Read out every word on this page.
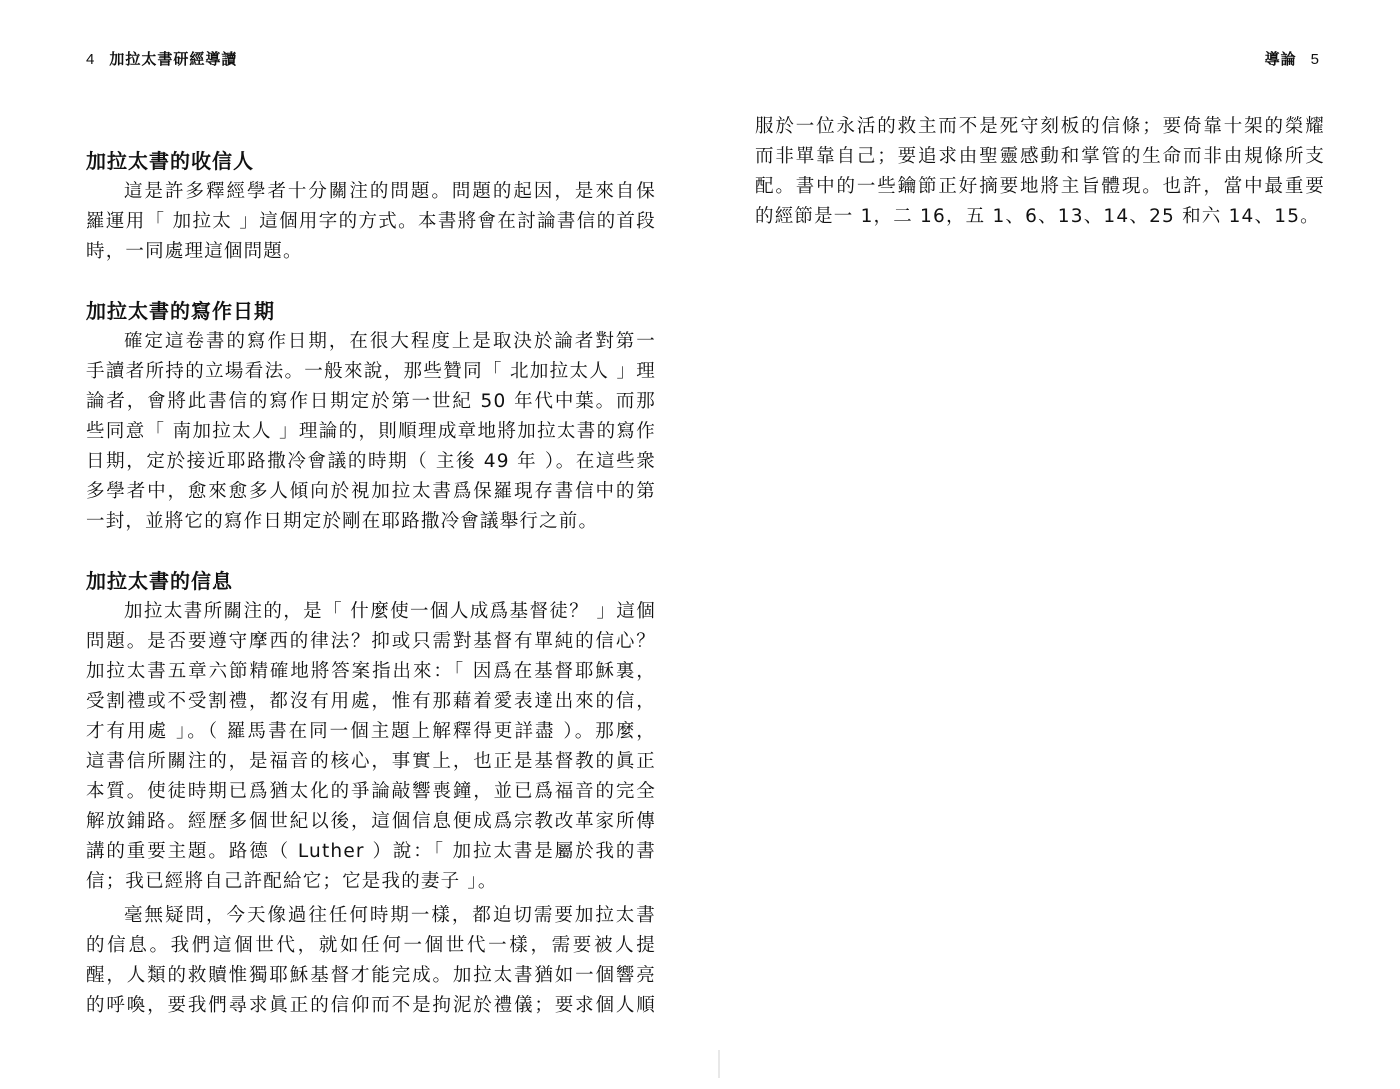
4 加拉太書研經導讀
加拉太書的收信人
這是許多釋經學者十分關注的問題。問題的起因，是來自保
羅運用「 加拉太 」這個用字的方式。本書將會在討論書信的首段
時，一同處理這個問題。
加拉太書的寫作日期
確定這卷書的寫作日期，在很大程度上是取決於論者對第一
手讀者所持的立場看法。一般來說，那些贊同「 北加拉太人 」理
論者，會將此書信的寫作日期定於第一世紀 50 年代中葉。而那
些同意「 南加拉太人 」理論的，則順理成章地將加拉太書的寫作
日期，定於接近耶路撒冷會議的時期（ 主後 49 年 ）。在這些衆
多學者中，愈來愈多人傾向於視加拉太書爲保羅現存書信中的第
一封，並將它的寫作日期定於剛在耶路撒冷會議舉行之前。
加拉太書的信息
加拉太書所關注的，是「 什麼使一個人成爲基督徒？ 」這個
問題。是否要遵守摩西的律法？抑或只需對基督有單純的信心？
加拉太書五章六節精確地將答案指出來：「 因爲在基督耶穌裏，
受割禮或不受割禮，都沒有用處，惟有那藉着愛表達出來的信，
才有用處 」。（ 羅馬書在同一個主題上解釋得更詳盡 ）。那麼，
這書信所關注的，是福音的核心，事實上，也正是基督教的眞正
本質。使徒時期已爲猶太化的爭論敲響喪鐘，並已爲福音的完全
解放鋪路。經歷多個世紀以後，這個信息便成爲宗教改革家所傳
講的重要主題。路德（ Luther ）說：「 加拉太書是屬於我的書
信；我已經將自己許配給它；它是我的妻子 」。
毫無疑問，今天像過往任何時期一樣，都迫切需要加拉太書
的信息。我們這個世代，就如任何一個世代一樣，需要被人提
醒，人類的救贖惟獨耶穌基督才能完成。加拉太書猶如一個響亮
的呼喚，要我們尋求眞正的信仰而不是拘泥於禮儀；要求個人順
導論 5
服於一位永活的救主而不是死守刻板的信條；要倚靠十架的榮耀
而非單靠自己；要追求由聖靈感動和掌管的生命而非由規條所支
配。書中的一些鑰節正好摘要地將主旨體現。也許，當中最重要
的經節是一 1，二 16，五 1、6、13、14、25 和六 14、15。
